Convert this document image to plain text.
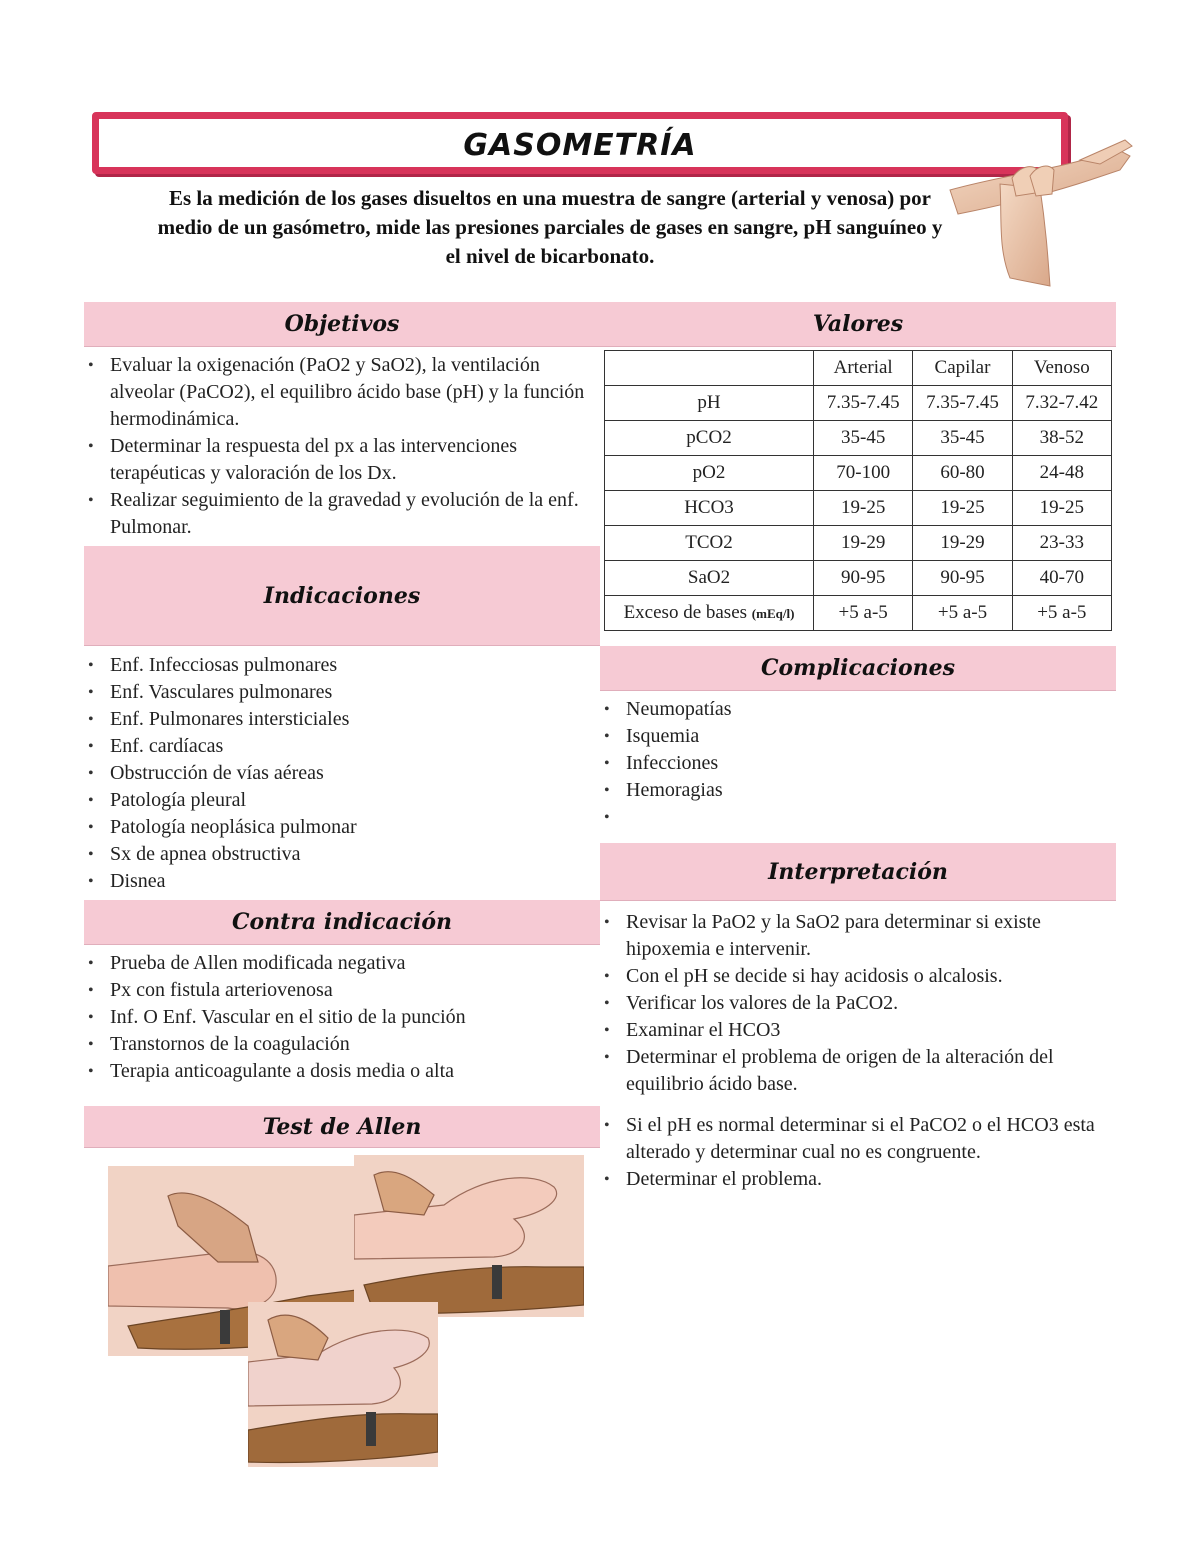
GASOMETRÍA
Es la medición de los gases disueltos en una muestra de sangre (arterial y venosa) por medio de un gasómetro, mide las presiones parciales de gases en sangre, pH sanguíneo y el nivel de bicarbonato.
Objetivos
• Evaluar la oxigenación (PaO2 y SaO2), la ventilación alveolar (PaCO2), el equilibro ácido base (pH) y la función hermodinámica.
• Determinar la respuesta del px a las intervenciones terapéuticas y valoración de los Dx.
• Realizar seguimiento de la gravedad y evolución de la enf. Pulmonar.
Valores
	Arterial	Capilar	Venoso
pH	7.35-7.45	7.35-7.45	7.32-7.42
pCO2	35-45	35-45	38-52
pO2	70-100	60-80	24-48
HCO3	19-25	19-25	19-25
TCO2	19-29	19-29	23-33
SaO2	90-95	90-95	40-70
Exceso de bases (mEq/l)	+5 a-5	+5 a-5	+5 a-5
Indicaciones
• Enf. Infecciosas pulmonares
• Enf. Vasculares pulmonares
• Enf. Pulmonares intersticiales
• Enf. cardíacas
• Obstrucción de vías aéreas
• Patología pleural
• Patología neoplásica pulmonar
• Sx de apnea obstructiva
• Disnea
Complicaciones
• Neumopatías
• Isquemia
• Infecciones
• Hemoragias
•
Interpretación
• Revisar la PaO2 y la SaO2 para determinar si existe hipoxemia e intervenir.
• Con el pH se decide si hay acidosis o alcalosis.
• Verificar los valores de la PaCO2.
• Examinar el HCO3
• Determinar el problema de origen de la alteración del equilibrio ácido base.
• Si el pH es normal determinar si el PaCO2 o el HCO3 esta alterado y determinar cual no es congruente.
• Determinar el problema.
Contra indicación
• Prueba de Allen modificada negativa
• Px con fistula arteriovenosa
• Inf. O Enf. Vascular en el sitio de la punción
• Transtornos de la coagulación
• Terapia anticoagulante a dosis media o alta
Test de Allen
